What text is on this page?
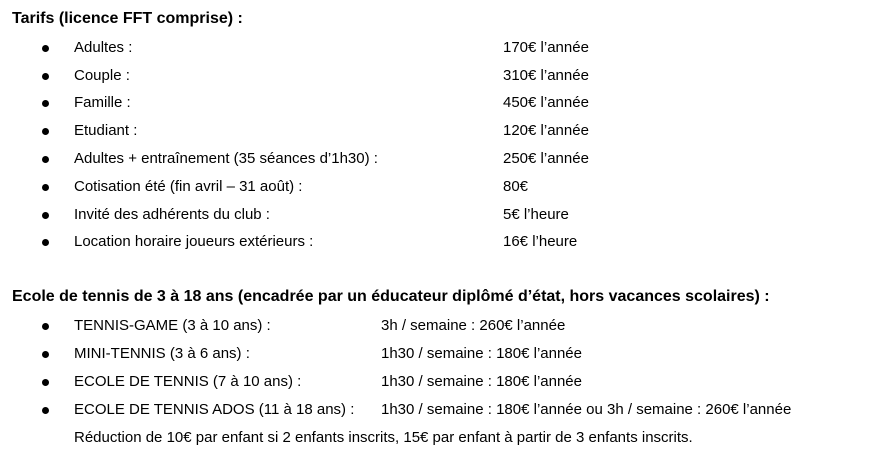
Tarifs (licence FFT comprise) :
Adultes :	170€ l’année
Couple :	310€ l’année
Famille :	450€ l’année
Etudiant :	120€ l’année
Adultes + entraînement (35 séances d’1h30) :	250€ l’année
Cotisation été (fin avril – 31 août) :	80€
Invité des adhérents du club :	5€ l’heure
Location horaire joueurs extérieurs :	16€ l’heure
Ecole de tennis de 3 à 18 ans (encadrée par un éducateur diplômé d’état, hors vacances scolaires) :
TENNIS-GAME (3 à 10 ans) :	3h / semaine : 260€ l’année
MINI-TENNIS (3 à 6 ans) :	1h30 / semaine : 180€ l’année
ECOLE DE TENNIS (7 à 10 ans) :	1h30 / semaine : 180€ l’année
ECOLE DE TENNIS ADOS (11 à 18 ans) : 1h30 / semaine : 180€ l’année ou 3h / semaine : 260€ l’année
Réduction de 10€ par enfant si 2 enfants inscrits, 15€ par enfant à partir de 3 enfants inscrits.
